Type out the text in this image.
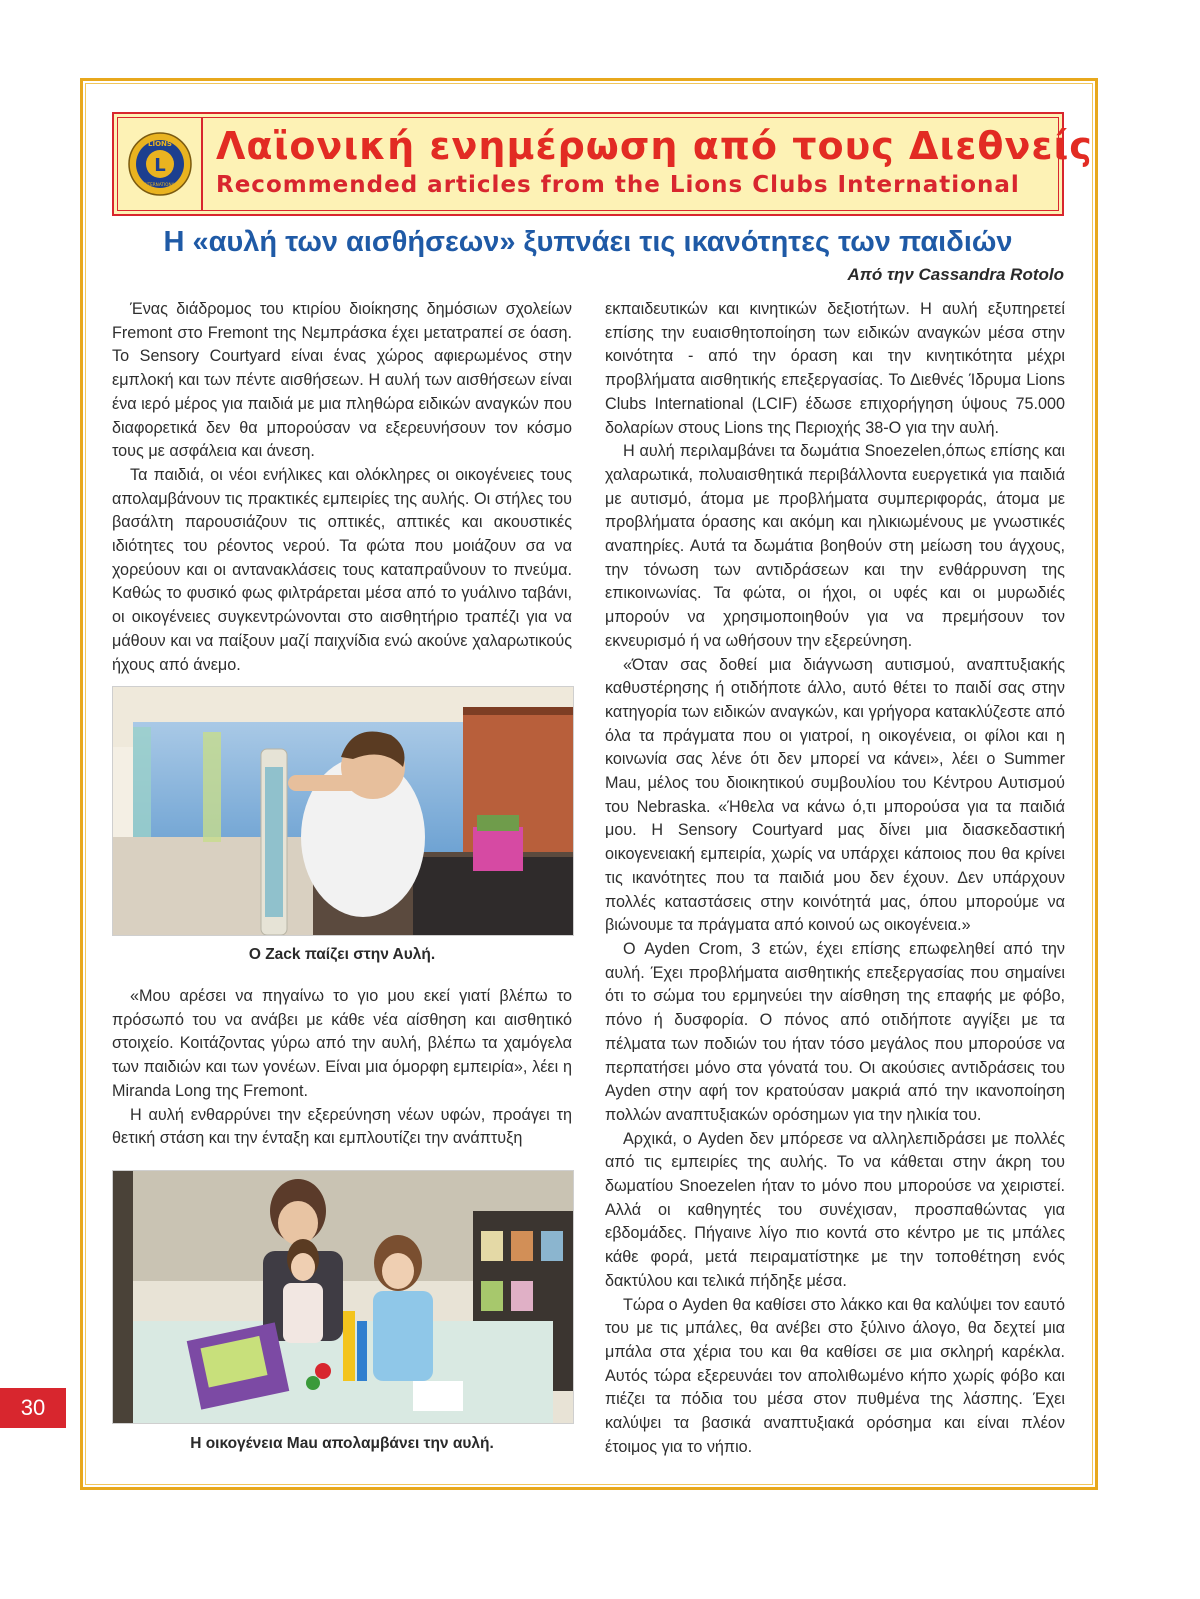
L
LIONS
INTERNATIONAL
Λαϊονική ενημέρωση από τους Διεθνείς
Recommended articles from the Lions Clubs International
Η «αυλή των αισθήσεων» ξυπνάει τις ικανότητες των παιδιών
Από την Cassandra Rotolo

Ένας διάδρομος του κτιρίου διοίκησης δημόσιων σχολείων Fremont στο Fremont της Νεμπράσκα έχει μετατραπεί σε όαση. Το Sensory Courtyard είναι ένας χώρος αφιερωμένος στην εμπλοκή και των πέντε αισθήσεων. Η αυλή των αισθήσεων είναι ένα ιερό μέρος για παιδιά με μια πληθώρα ειδικών αναγκών που διαφορετικά δεν θα μπορούσαν να εξερευνήσουν τον κόσμο τους με ασφάλεια και άνεση.

Τα παιδιά, οι νέοι ενήλικες και ολόκληρες οι οικογένειες τους απολαμβάνουν τις πρακτικές εμπειρίες της αυλής. Οι στήλες του βασάλτη παρουσιάζουν τις οπτικές, απτικές και ακουστικές ιδιότητες του ρέοντος νερού. Τα φώτα που μοιάζουν σα να χορεύουν και οι αντανακλάσεις τους καταπραΰνουν το πνεύμα. Καθώς το φυσικό φως φιλτράρεται μέσα από το γυάλινο ταβάνι, οι οικογένειες συγκεντρώνονται στο αισθητήριο τραπέζι για να μάθουν και να παίξουν μαζί παιχνίδια ενώ ακούνε χαλαρωτικούς ήχους από άνεμο.

Ο Zack παίζει στην Αυλή.

«Μου αρέσει να πηγαίνω το γιο μου εκεί γιατί βλέπω το πρόσωπό του να ανάβει με κάθε νέα αίσθηση και αισθητικό στοιχείο. Κοιτάζοντας γύρω από την αυλή, βλέπω τα χαμόγελα των παιδιών και των γονέων. Είναι μια όμορφη εμπειρία», λέει η Miranda Long της Fremont.

Η αυλή ενθαρρύνει την εξερεύνηση νέων υφών, προάγει τη θετική στάση και την ένταξη και εμπλουτίζει την ανάπτυξη

Η οικογένεια Mau απολαμβάνει την αυλή.

εκπαιδευτικών και κινητικών δεξιοτήτων. Η αυλή εξυπηρετεί επίσης την ευαισθητοποίηση των ειδικών αναγκών μέσα στην κοινότητα - από την όραση και την κινητικότητα μέχρι προβλήματα αισθητικής επεξεργασίας. Το Διεθνές Ίδρυμα Lions Clubs International (LCIF) έδωσε επιχορήγηση ύψους 75.000 δολαρίων στους Lions της Περιοχής 38-O για την αυλή.

Η αυλή περιλαμβάνει τα δωμάτια Snoezelen,όπως επίσης και χαλαρωτικά, πολυαισθητικά περιβάλλοντα ευεργετικά για παιδιά με αυτισμό, άτομα με προβλήματα συμπεριφοράς, άτομα με προβλήματα όρασης και ακόμη και ηλικιωμένους με γνωστικές αναπηρίες. Αυτά τα δωμάτια βοηθούν στη μείωση του άγχους, την τόνωση των αντιδράσεων και την ενθάρρυνση της επικοινωνίας. Τα φώτα, οι ήχοι, οι υφές και οι μυρωδιές μπορούν να χρησιμοποιηθούν για να πρεμήσουν τον εκνευρισμό ή να ωθήσουν την εξερεύνηση.

«Όταν σας δοθεί μια διάγνωση αυτισμού, αναπτυξιακής καθυστέρησης ή οτιδήποτε άλλο, αυτό θέτει το παιδί σας στην κατηγορία των ειδικών αναγκών, και γρήγορα κατακλύζεστε από όλα τα πράγματα που οι γιατροί, η οικογένεια, οι φίλοι και η κοινωνία σας λένε ότι δεν μπορεί να κάνει», λέει ο Summer Mau, μέλος του διοικητικού συμβουλίου του Κέντρου Αυτισμού του Nebraska. «Ήθελα να κάνω ό,τι μπορούσα για τα παιδιά μου. Η Sensory Courtyard μας δίνει μια διασκεδαστική οικογενειακή εμπειρία, χωρίς να υπάρχει κάποιος που θα κρίνει τις ικανότητες που τα παιδιά μου δεν έχουν. Δεν υπάρχουν πολλές καταστάσεις στην κοινότητά μας, όπου μπορούμε να βιώνουμε τα πράγματα από κοινού ως οικογένεια.»

Ο Ayden Crom, 3 ετών, έχει επίσης επωφεληθεί από την αυλή. Έχει προβλήματα αισθητικής επεξεργασίας που σημαίνει ότι το σώμα του ερμηνεύει την αίσθηση της επαφής με φόβο, πόνο ή δυσφορία. Ο πόνος από οτιδήποτε αγγίξει με τα πέλματα των ποδιών του ήταν τόσο μεγάλος που μπορούσε να περπατήσει μόνο στα γόνατά του. Οι ακούσιες αντιδράσεις του Ayden στην αφή τον κρατούσαν μακριά από την ικανοποίηση πολλών αναπτυξιακών ορόσημων για την ηλικία του.

Αρχικά, ο Ayden δεν μπόρεσε να αλληλεπιδράσει με πολλές από τις εμπειρίες της αυλής. Το να κάθεται στην άκρη του δωματίου Snoezelen ήταν το μόνο που μπορούσε να χειριστεί. Αλλά οι καθηγητές του συνέχισαν, προσπαθώντας για εβδομάδες. Πήγαινε λίγο πιο κοντά στο κέντρο με τις μπάλες κάθε φορά, μετά πειραματίστηκε με την τοποθέτηση ενός δακτύλου και τελικά πήδηξε μέσα.

Τώρα ο Ayden θα καθίσει στο λάκκο και θα καλύψει τον εαυτό του με τις μπάλες, θα ανέβει στο ξύλινο άλογο, θα δεχτεί μια μπάλα στα χέρια του και θα καθίσει σε μια σκληρή καρέκλα. Αυτός τώρα εξερευνάει τον απολιθωμένο κήπο χωρίς φόβο και πιέζει τα πόδια του μέσα στον πυθμένα της λάσπης. Έχει καλύψει τα βασικά αναπτυξιακά ορόσημα και είναι πλέον έτοιμος για το νήπιο.

30
